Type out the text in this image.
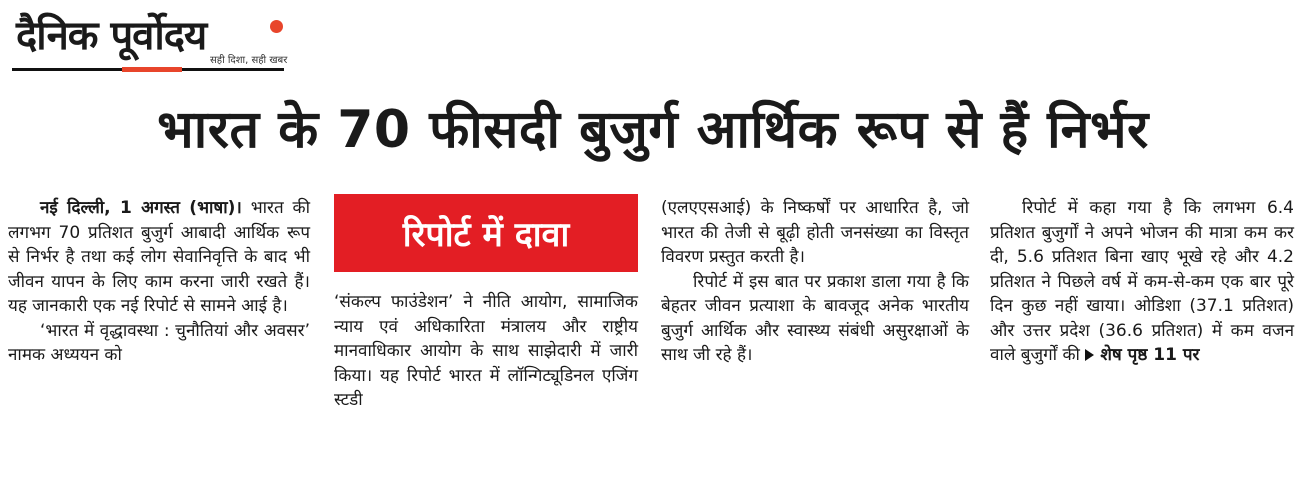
दैनिक पूर्वोदय
सही दिशा, सही खबर
भारत के 70 फीसदी बुजुर्ग आर्थिक रूप से हैं निर्भर

नई दिल्ली, 1 अगस्त (भाषा)। भारत की लगभग 70 प्रतिशत बुजुर्ग आबादी आर्थिक रूप से निर्भर है तथा कई लोग सेवानिवृत्ति के बाद भी जीवन यापन के लिए काम करना जारी रखते हैं। यह जानकारी एक नई रिपोर्ट से सामने आई है।

‘भारत में वृद्धावस्था : चुनौतियां और अवसर’ नामक अध्ययन को

रिपोर्ट में दावा

‘संकल्प फाउंडेशन’ ने नीति आयोग, सामाजिक न्याय एवं अधिकारिता मंत्रालय और राष्ट्रीय मानवाधिकार आयोग के साथ साझेदारी में जारी किया। यह रिपोर्ट भारत में लॉन्गिट्यूडिनल एजिंग स्टडी

(एलएएसआई) के निष्कर्षों पर आधारित है, जो भारत की तेजी से बूढ़ी होती जनसंख्या का विस्तृत विवरण प्रस्तुत करती है।

रिपोर्ट में इस बात पर प्रकाश डाला गया है कि बेहतर जीवन प्रत्याशा के बावजूद अनेक भारतीय बुजुर्ग आर्थिक और स्वास्थ्य संबंधी असुरक्षाओं के साथ जी रहे हैं।

रिपोर्ट में कहा गया है कि लगभग 6.4 प्रतिशत बुजुर्गों ने अपने भोजन की मात्रा कम कर दी, 5.6 प्रतिशत बिना खाए भूखे रहे और 4.2 प्रतिशत ने पिछले वर्ष में कम-से-कम एक बार पूरे दिन कुछ नहीं खाया। ओडिशा (37.1 प्रतिशत) और उत्तर प्रदेश (36.6 प्रतिशत) में कम वजन वाले बुजुर्गों की शेष पृष्ठ 11 पर
